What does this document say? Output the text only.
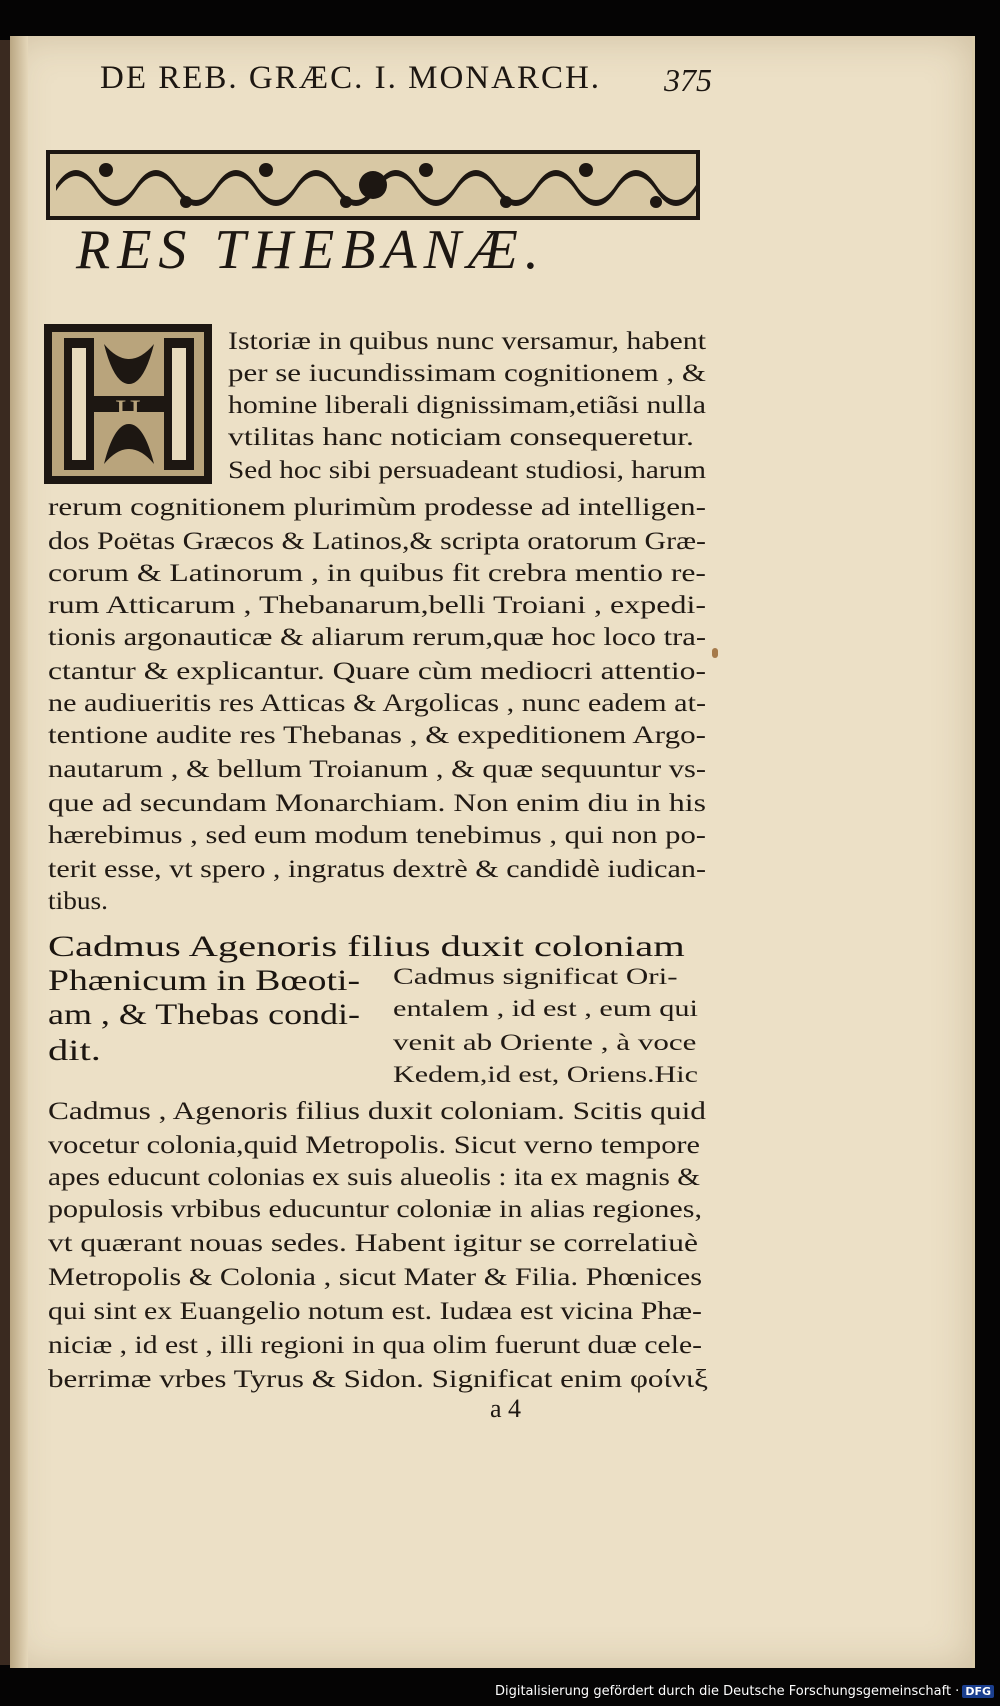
DE REB. GRÆC. I. MONARCH.	375
RES THEBANÆ.
H
Istoriæ in quibus nunc versamur, habent
per se iucundissimam cognitionem , &
homine liberali dignissimam,etiãsi nulla
vtilitas hanc noticiam consequeretur.
Sed hoc sibi persuadeant studiosi, harum
rerum cognitionem plurimùm prodesse ad intelligen-
dos Poëtas Græcos & Latinos,& scripta oratorum Græ-
corum & Latinorum , in quibus fit crebra mentio re-
rum Atticarum , Thebanarum,belli Troiani , expedi-
tionis argonauticæ & aliarum rerum,quæ hoc loco tra-
ctantur & explicantur. Quare cùm mediocri attentio-
ne audiueritis res Atticas & Argolicas , nunc eadem at-
tentione audite res Thebanas , & expeditionem Argo-
nautarum , & bellum Troianum , & quæ sequuntur vs-
que ad secundam Monarchiam. Non enim diu in his
hærebimus , sed eum modum tenebimus , qui non po-
terit esse, vt spero , ingratus dextrè & candidè iudican-
tibus.
Cadmus Agenoris filius duxit coloniam
Phænicum in Bœoti-
am , & Thebas condi-
dit.
Cadmus significat Ori-
entalem , id est , eum qui
venit ab Oriente , à voce
Kedem,id est, Oriens.Hic
Cadmus , Agenoris filius duxit coloniam. Scitis quid
vocetur colonia,quid Metropolis. Sicut verno tempore
apes educunt colonias ex suis alueolis : ita ex magnis &
populosis vrbibus educuntur coloniæ in alias regiones,
vt quærant nouas sedes. Habent igitur se correlatiuè
Metropolis & Colonia , sicut Mater & Filia. Phœnices
qui sint ex Euangelio notum est. Iudæa est vicina Phæ-
niciæ , id est , illi regioni in qua olim fuerunt duæ cele-
berrimæ vrbes Tyrus & Sidon. Significat enim φοίνιξ
a 4
Digitalisierung gefördert durch die Deutsche Forschungsgemeinschaft · DFG
